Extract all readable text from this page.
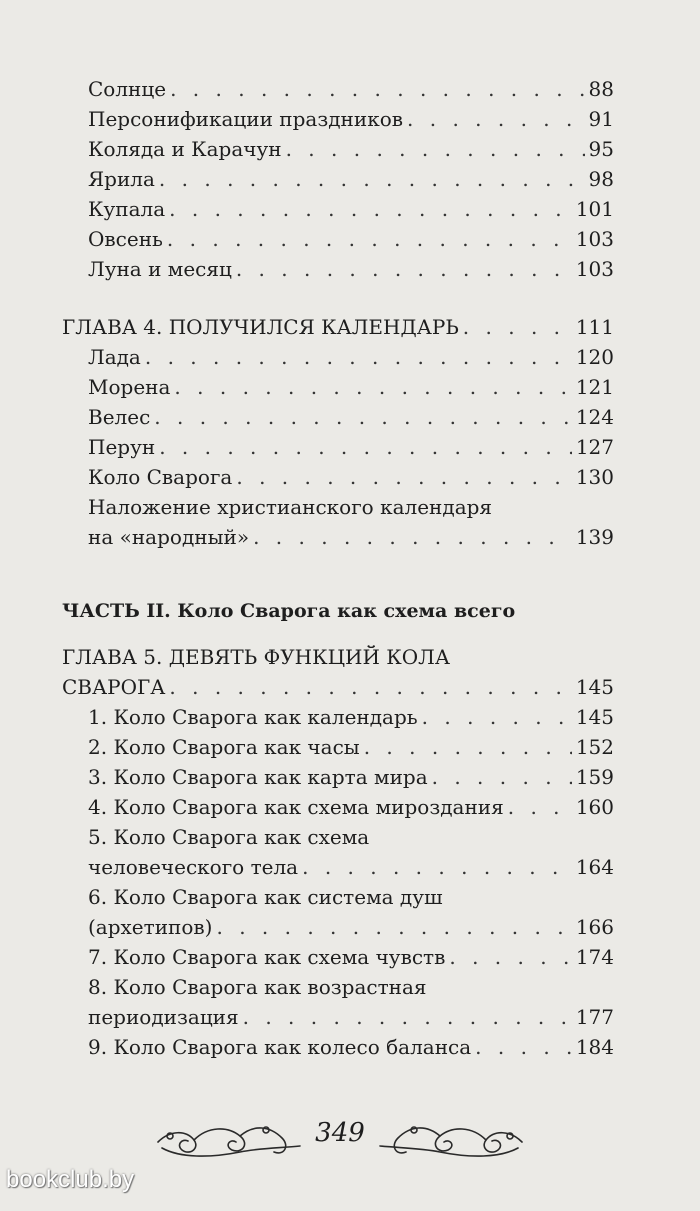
Солнце . . .	88
Персонификации праздников . . .	91
Коляда и Карачун . . .	95
Ярила . . .	98
Купала . . .	101
Овсень . . .	103
Луна и месяц . . .	103
ГЛАВА 4. ПОЛУЧИЛСЯ КАЛЕНДАРЬ . . .	111
Лада . . .	120
Морена . . .	121
Велес . . .	124
Перун . . .	127
Коло Сварога . . .	130
Наложение христианского календаря
на «народный» . . .	139
ЧАСТЬ II. Коло Сварога как схема всего
ГЛАВА 5. ДЕВЯТЬ ФУНКЦИЙ КОЛА
СВАРОГА . . .	145
1. Коло Сварога как календарь . . .	145
2. Коло Сварога как часы . . .	152
3. Коло Сварога как карта мира . . .	159
4. Коло Сварога как схема мироздания . . .	160
5. Коло Сварога как схема
человеческого тела . . .	164
6. Коло Сварога как система душ
(архетипов) . . .	166
7. Коло Сварога как схема чувств . . .	174
8. Коло Сварога как возрастная
периодизация . . .	177
9. Коло Сварога как колесо баланса . . .	184
349
bookclub.by
